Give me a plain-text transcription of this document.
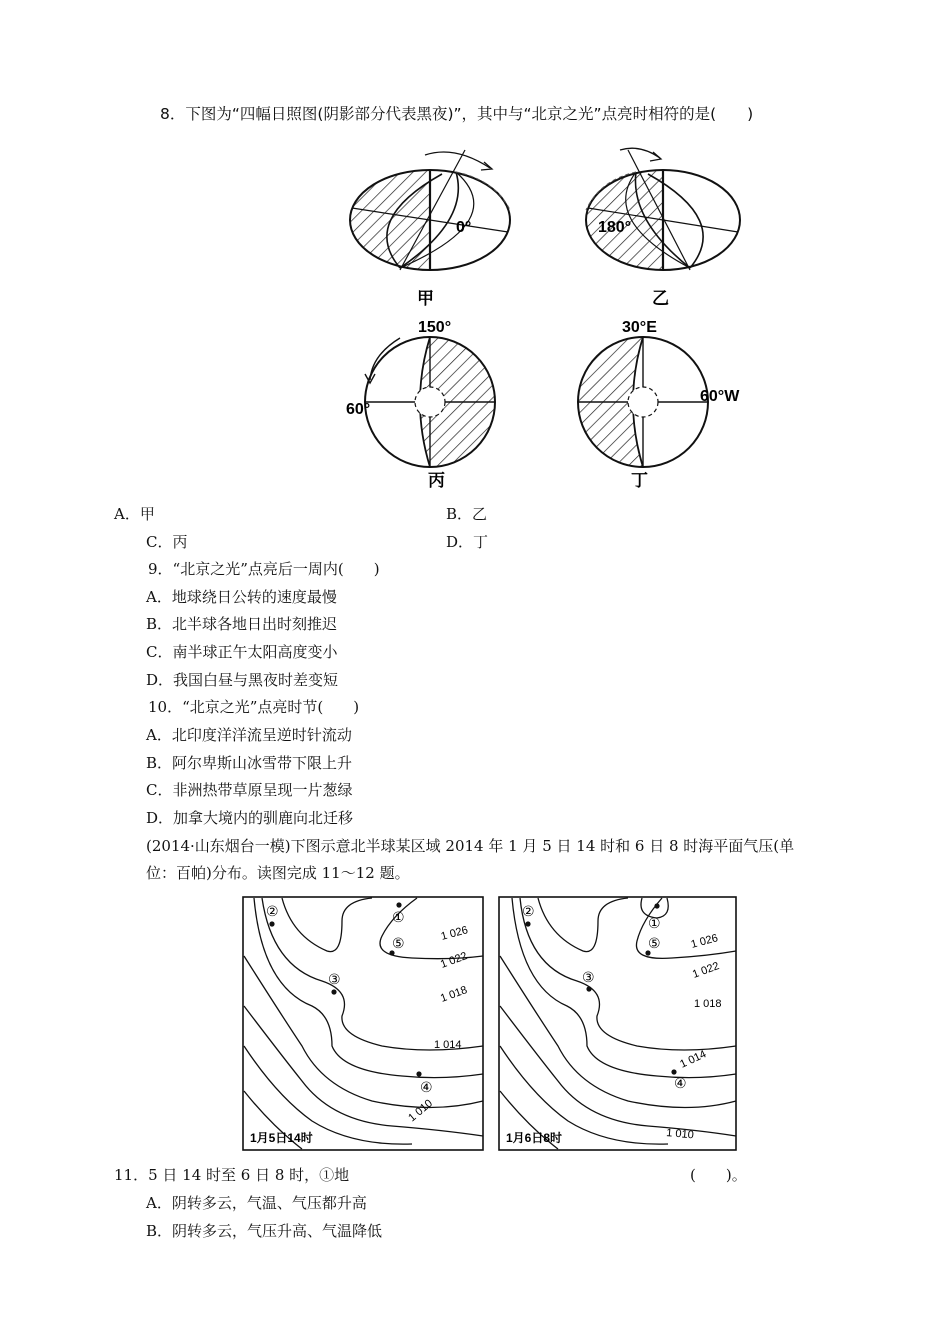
8．下图为“四幅日照图(阴影部分代表黑夜)”，其中与“北京之光”点亮时相符的是(　　)
0°
甲
180°
乙
150°
60°
丙
30°E
60°W
丁
A．甲	B．乙
C．丙	D．丁
9．“北京之光”点亮后一周内(　　)
A．地球绕日公转的速度最慢
B．北半球各地日出时刻推迟
C．南半球正午太阳高度变小
D．我国白昼与黑夜时差变短
10．“北京之光”点亮时节(　　)
A．北印度洋洋流呈逆时针流动
B．阿尔卑斯山冰雪带下限上升
C．非洲热带草原呈现一片葱绿
D．加拿大境内的驯鹿向北迁移
(2014·山东烟台一模)下图示意北半球某区域 2014 年 1 月 5 日 14 时和 6 日 8 时海平面气压(单
位：百帕)分布。读图完成 11～12 题。
①
②
③
④
⑤
1 026
1 022
1 018
1 014
1 010
1月5日14时
①
②
③
④
⑤	1 026
1 022
1 018
1 014
1 010
1月6日8时
11．5 日 14 时至 6 日 8 时，①地	(　　)。
A．阴转多云，气温、气压都升高
B．阴转多云，气压升高、气温降低
